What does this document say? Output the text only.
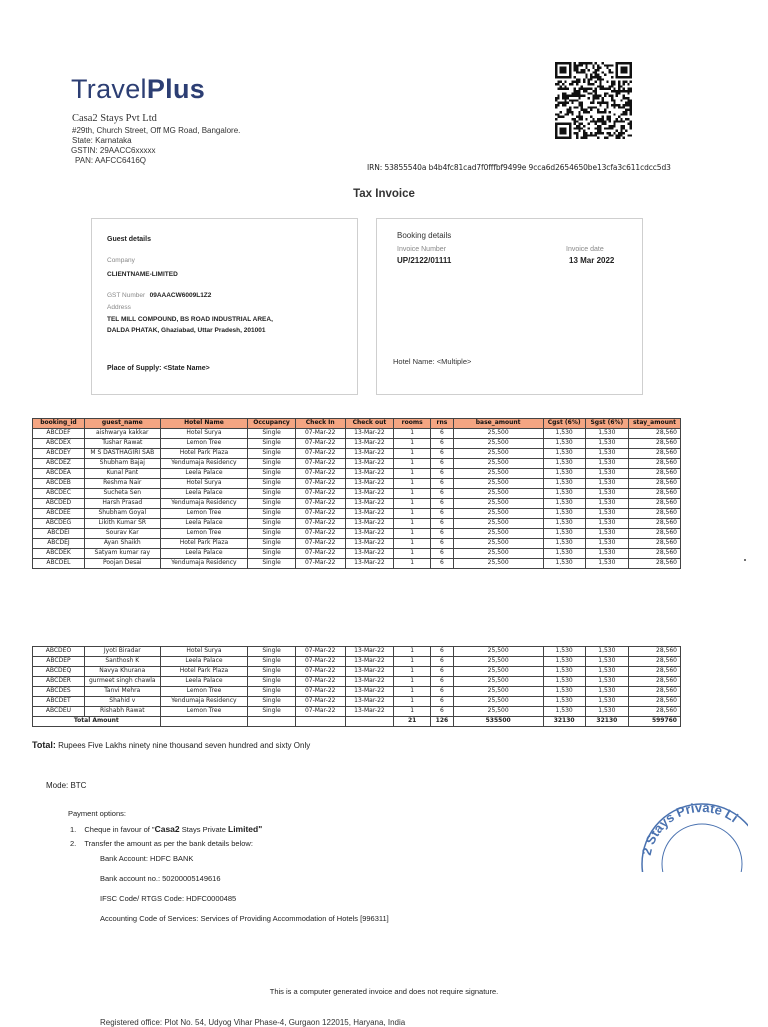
TravelPlus
Casa2 Stays Pvt Ltd
#29th, Church Street, Off MG Road, Bangalore.
State: Karnataka
GSTIN: 29AACC6xxxxx
PAN: AAFCC6416Q
IRN: 53855540a b4b4fc81cad7f0fffbf9499e 9cca6d2654650be13cfa3c611cdcc5d3
Tax Invoice
Guest details
Company
CLIENTNAME-LIMITED
GST Number 09AAACW6009L1Z2
Address
TEL MILL COMPOUND, BS ROAD INDUSTRIAL AREA,
DALDA PHATAK, Ghaziabad, Uttar Pradesh, 201001
Place of Supply: <State Name>
Booking details
Invoice Number
UP/2122/01111
Invoice date
13 Mar 2022
Hotel Name: <Multiple>
booking_id	guest_name	Hotel Name	Occupancy	Check In	Check out	rooms	rns	base_amount	Cgst (6%)	Sgst (6%)	stay_amount
ABCDEF	aishwarya kakkar	Hotel Surya	Single	07-Mar-22	13-Mar-22	1	6	25,500	1,530	1,530	28,560
ABCDEX	Tushar Rawat	Lemon Tree	Single	07-Mar-22	13-Mar-22	1	6	25,500	1,530	1,530	28,560
ABCDEY	M S DASTHAGIRI SAB	Hotel Park Plaza	Single	07-Mar-22	13-Mar-22	1	6	25,500	1,530	1,530	28,560
ABCDEZ	Shubham Bajaj	Yendumaja Residency	Single	07-Mar-22	13-Mar-22	1	6	25,500	1,530	1,530	28,560
ABCDEA	Kunal Pant	Leela Palace	Single	07-Mar-22	13-Mar-22	1	6	25,500	1,530	1,530	28,560
ABCDEB	Reshma Nair	Hotel Surya	Single	07-Mar-22	13-Mar-22	1	6	25,500	1,530	1,530	28,560
ABCDEC	Sucheta Sen	Leela Palace	Single	07-Mar-22	13-Mar-22	1	6	25,500	1,530	1,530	28,560
ABCDED	Harsh Prasad	Yendumaja Residency	Single	07-Mar-22	13-Mar-22	1	6	25,500	1,530	1,530	28,560
ABCDEE	Shubham Goyal	Lemon Tree	Single	07-Mar-22	13-Mar-22	1	6	25,500	1,530	1,530	28,560
ABCDEG	Likith Kumar SR	Leela Palace	Single	07-Mar-22	13-Mar-22	1	6	25,500	1,530	1,530	28,560
ABCDEI	Sourav Kar	Lemon Tree	Single	07-Mar-22	13-Mar-22	1	6	25,500	1,530	1,530	28,560
ABCDEJ	Ayan Shaikh	Hotel Park Plaza	Single	07-Mar-22	13-Mar-22	1	6	25,500	1,530	1,530	28,560
ABCDEK	Satyam kumar ray	Leela Palace	Single	07-Mar-22	13-Mar-22	1	6	25,500	1,530	1,530	28,560
ABCDEL	Poojan Desai	Yendumaja Residency	Single	07-Mar-22	13-Mar-22	1	6	25,500	1,530	1,530	28,560
ABCDEO	Jyoti Biradar	Hotel Surya	Single	07-Mar-22	13-Mar-22	1	6	25,500	1,530	1,530	28,560
ABCDEP	Santhosh K	Leela Palace	Single	07-Mar-22	13-Mar-22	1	6	25,500	1,530	1,530	28,560
ABCDEQ	Navya Khurana	Hotel Park Plaza	Single	07-Mar-22	13-Mar-22	1	6	25,500	1,530	1,530	28,560
ABCDER	gurmeet singh chawla	Leela Palace	Single	07-Mar-22	13-Mar-22	1	6	25,500	1,530	1,530	28,560
ABCDES	Tanvi Mehra	Lemon Tree	Single	07-Mar-22	13-Mar-22	1	6	25,500	1,530	1,530	28,560
ABCDET	Shahid v	Yendumaja Residency	Single	07-Mar-22	13-Mar-22	1	6	25,500	1,530	1,530	28,560
ABCDEU	Rishabh Rawat	Lemon Tree	Single	07-Mar-22	13-Mar-22	1	6	25,500	1,530	1,530	28,560
Total Amount						21	126	535500	32130	32130	599760
Total: Rupees Five Lakhs ninety nine thousand seven hundred and sixty Only
Mode: BTC
Payment options:
1. Cheque in favour of "Casa2 Stays Private Limited"
2. Transfer the amount as per the bank details below:
Bank Account: HDFC BANK
Bank account no.: 50200005149616
IFSC Code/ RTGS Code: HDFC0000485
Accounting Code of Services: Services of Providing Accommodation of Hotels [996311]
2 Stays Private Li
This is a computer generated invoice and does not require signature.
Registered office: Plot No. 54, Udyog Vihar Phase-4, Gurgaon 122015, Haryana, India
